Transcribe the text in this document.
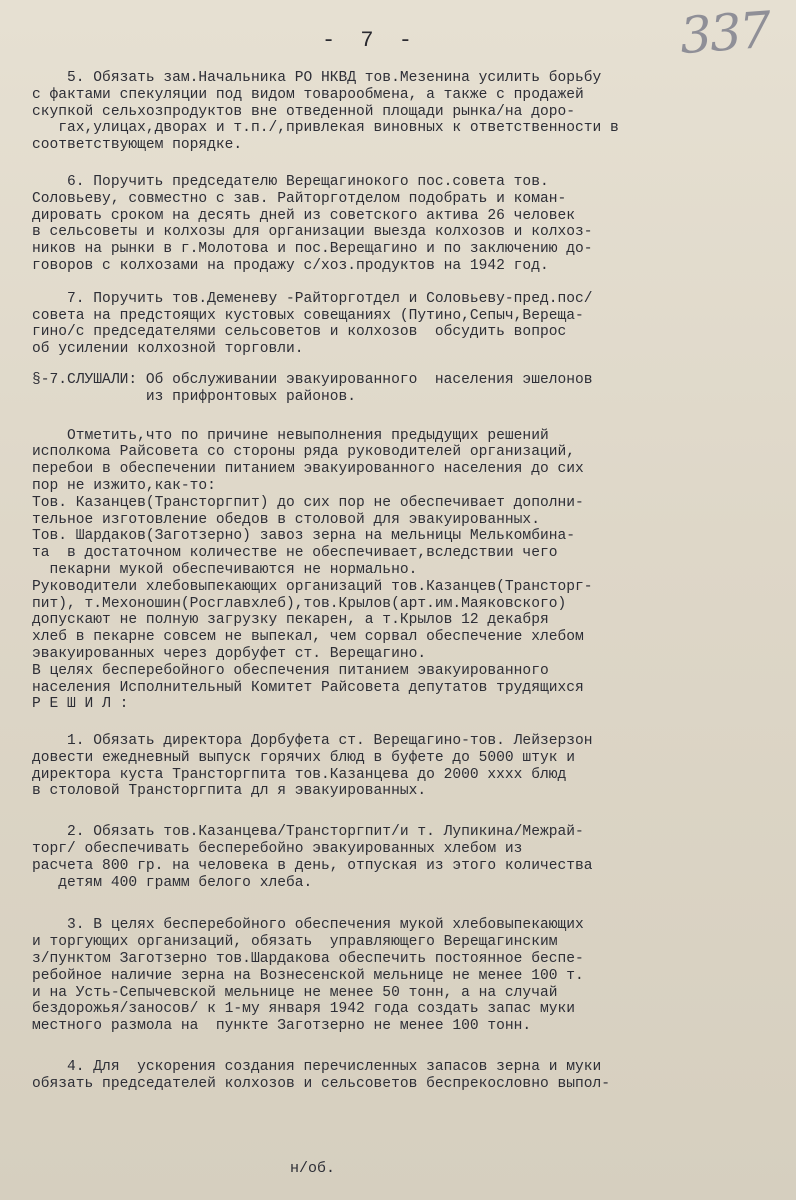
- 7 -	337
5. Обязать зам.Начальника РО НКВД тов.Мезенина усилить борьбу
с фактами спекуляции под видом товарообмена, а также с продажей
скупкой сельхозпродуктов вне отведенной площади рынка/на доро-
гах,улицах,дворах и т.п./,привлекая виновных к ответственности в
соответствующем порядке.
6. Поручить председателю Верещагинокого пос.совета тов.
Соловьеву, совместно с зав. Райторготделом подобрать и коман-
дировать сроком на десять дней из советского актива 26 человек
в сельсоветы и колхозы для организации выезда колхозов и колхоз-
ников на рынки в г.Молотова и пос.Верещагино и по заключению до-
говоров с колхозами на продажу с/хоз.продуктов на 1942 год.
7. Поручить тов.Деменеву -Райторготдел и Соловьеву-пред.пос/
совета на предстоящих кустовых совещаниях (Путино,Сепыч,Вереща-
гино/с председателями сельсоветов и колхозов  обсудить вопрос
об усилении колхозной торговли.
§-7.СЛУШАЛИ: Об обслуживании эвакуированного  населения эшелонов
из прифронтовых районов.
Отметить,что по причине невыполнения предыдущих решений
исполкома Райсовета со стороны ряда руководителей организаций,
перебои в обеспечении питанием эвакуированного населения до сих
пор не изжито,как-то:
Тов. Казанцев(Трансторгпит) до сих пор не обеспечивает дополни-
тельное изготовление обедов в столовой для эвакуированных.
Тов. Шардаков(Заготзерно) завоз зерна на мельницы Мелькомбина-
та  в достаточном количестве не обеспечивает,вследствии чего
пекарни мукой обеспечиваются не нормально.
Руководители хлебовыпекающих организаций тов.Казанцев(Трансторг-
пит), т.Мехоношин(Росглавхлеб),тов.Крылов(арт.им.Маяковского)
допускают не полную загрузку пекарен, а т.Крылов 12 декабря
хлеб в пекарне совсем не выпекал, чем сорвал обеспечение хлебом
эвакуированных через дорбуфет ст. Верещагино.
В целях бесперебойного обеспечения питанием эвакуированного
населения Исполнительный Комитет Райсовета депутатов трудящихся
Р Е Ш И Л :
1. Обязать директора Дорбуфета ст. Верещагино-тов. Лейзерзон
довести ежедневный выпуск горячих блюд в буфете до 5000 штук и
директора куста Трансторгпита тов.Казанцева до 2000 xxxx блюд
в столовой Трансторгпита дл я эвакуированных.
2. Обязать тов.Казанцева/Трансторгпит/и т. Лупикина/Межрай-
торг/ обеспечивать бесперебойно эвакуированных хлебом из
расчета 800 гр. на человека в день, отпуская из этого количества
детям 400 грамм белого хлеба.
3. В целях бесперебойного обеспечения мукой хлебовыпекающих
и торгующих организаций, обязать  управляющего Верещагинским
з/пунктом Заготзерно тов.Шардакова обеспечить постоянное беспе-
ребойное наличие зерна на Вознесенской мельнице не менее 100 т.
и на Усть-Сепычевской мельнице не менее 50 тонн, а на случай
бездорожья/заносов/ к 1-му января 1942 года создать запас муки
местного размола на  пункте Заготзерно не менее 100 тонн.
4. Для  ускорения создания перечисленных запасов зерна и муки
обязать председателей колхозов и сельсоветов беспрекословно выпол-
н/об.
